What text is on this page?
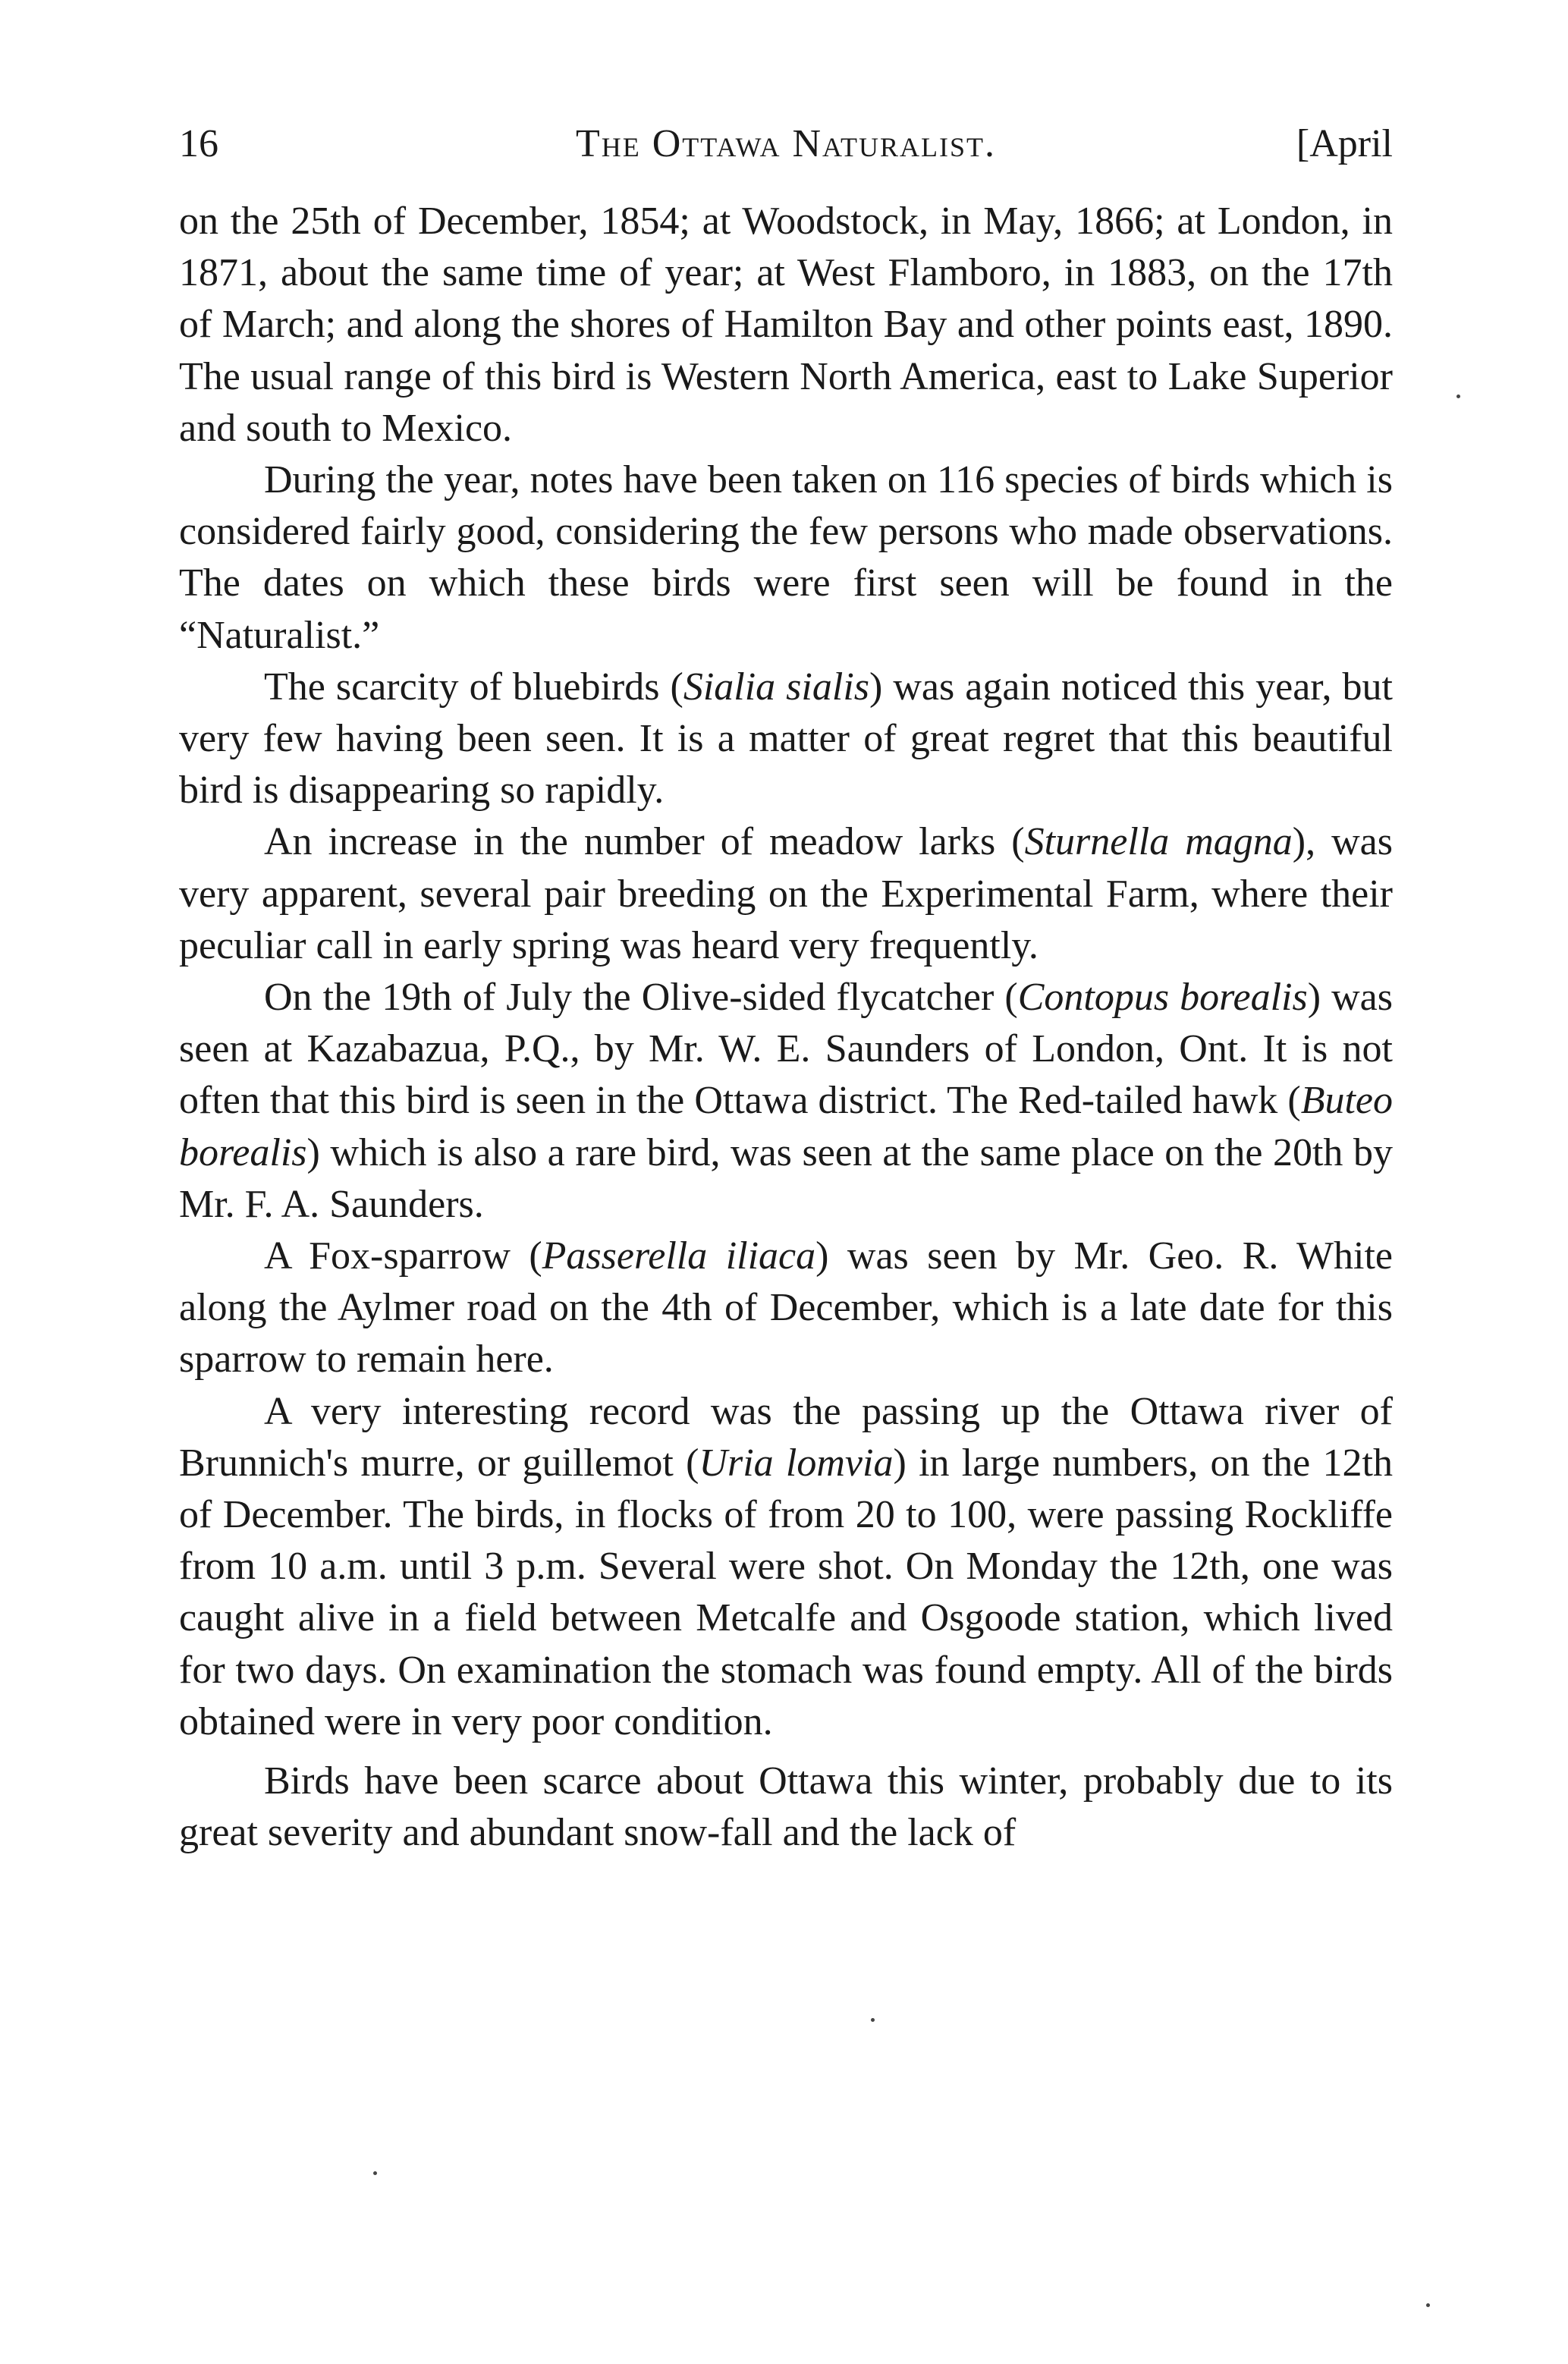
16	The Ottawa Naturalist.	[April

on the 25th of December, 1854; at Woodstock, in May, 1866; at London, in 1871, about the same time of year; at West Flamboro, in 1883, on the 17th of March; and along the shores of Hamilton Bay and other points east, 1890. The usual range of this bird is Western North America, east to Lake Superior and south to Mexico.

During the year, notes have been taken on 116 species of birds which is considered fairly good, considering the few persons who made observations. The dates on which these birds were first seen will be found in the “Naturalist.”

The scarcity of bluebirds (Sialia sialis) was again noticed this year, but very few having been seen. It is a matter of great regret that this beautiful bird is disappearing so rapidly.

An increase in the number of meadow larks (Sturnella magna), was very apparent, several pair breeding on the Experimental Farm, where their peculiar call in early spring was heard very frequently.

On the 19th of July the Olive-sided flycatcher (Contopus borealis) was seen at Kazabazua, P.Q., by Mr. W. E. Saunders of London, Ont. It is not often that this bird is seen in the Ottawa district. The Red-tailed hawk (Buteo borealis) which is also a rare bird, was seen at the same place on the 20th by Mr. F. A. Saunders.

A Fox-sparrow (Passerella iliaca) was seen by Mr. Geo. R. White along the Aylmer road on the 4th of December, which is a late date for this sparrow to remain here.

A very interesting record was the passing up the Ottawa river of Brunnich's murre, or guillemot (Uria lomvia) in large numbers, on the 12th of December. The birds, in flocks of from 20 to 100, were passing Rockliffe from 10 a.m. until 3 p.m. Several were shot. On Monday the 12th, one was caught alive in a field between Metcalfe and Osgoode station, which lived for two days. On examination the stomach was found empty. All of the birds obtained were in very poor condition.

Birds have been scarce about Ottawa this winter, probably due to its great severity and abundant snow-fall and the lack of
